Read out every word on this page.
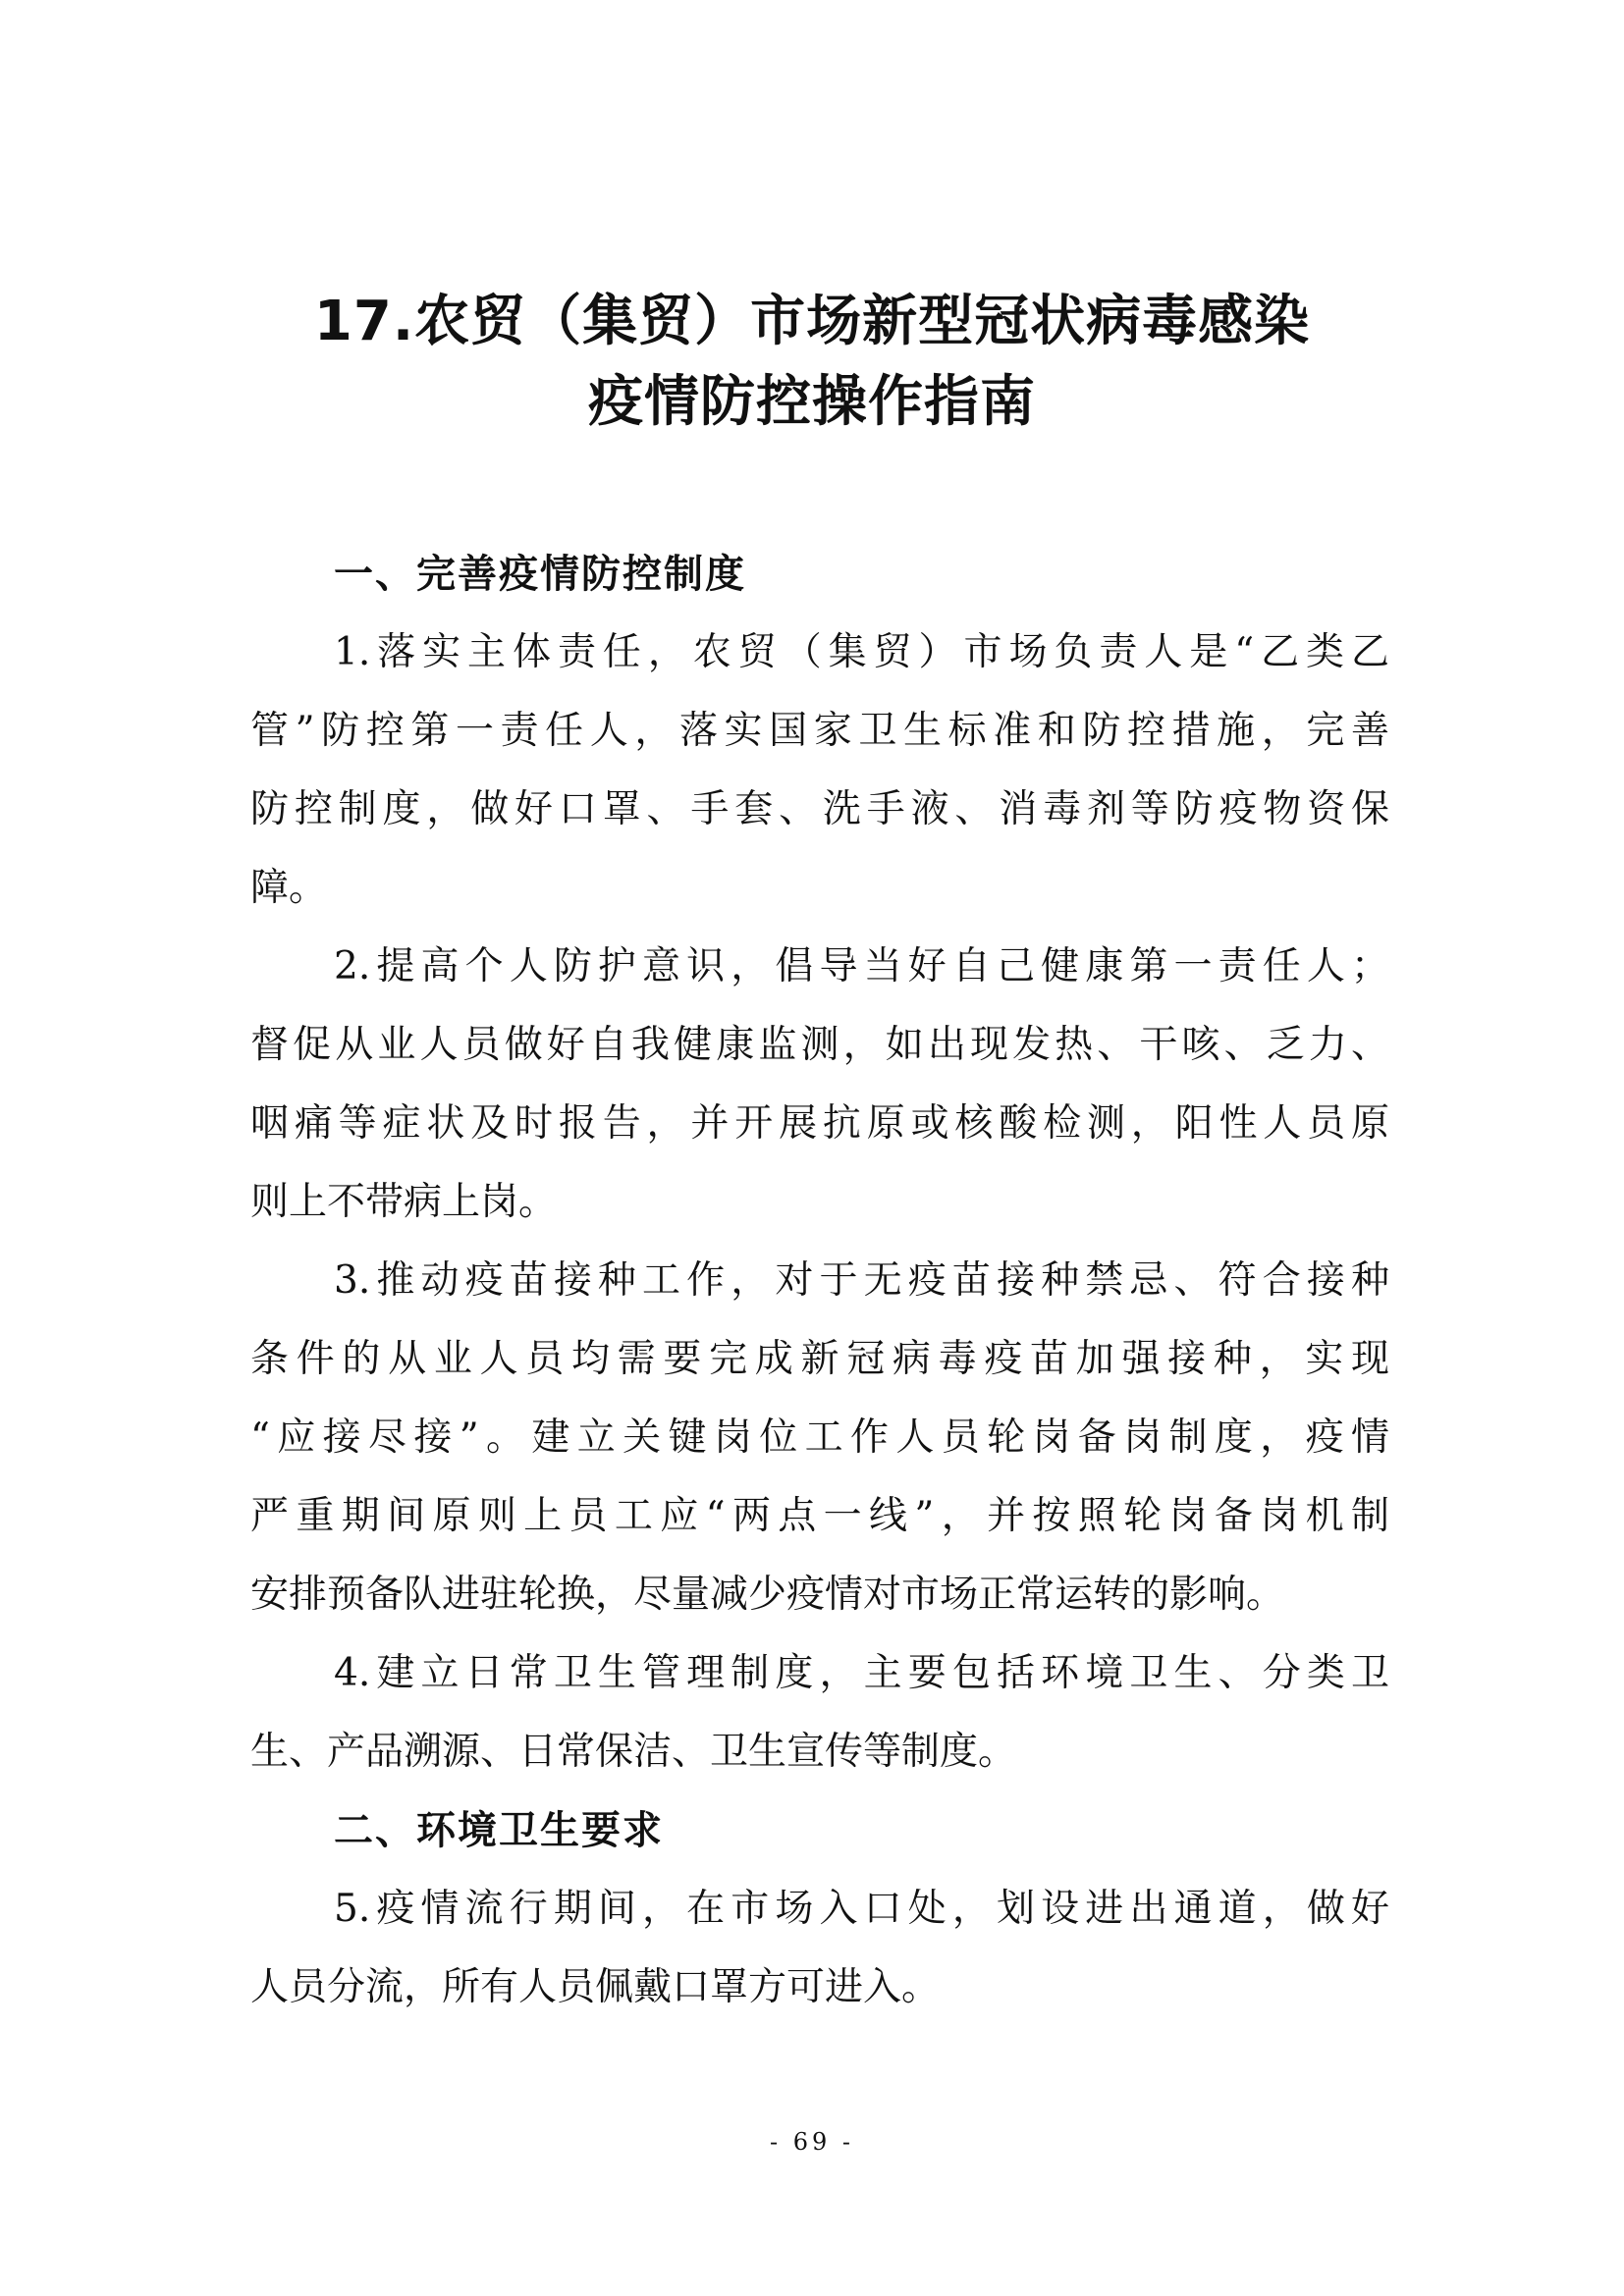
17.农贸（集贸）市场新型冠状病毒感染
疫情防控操作指南
一、完善疫情防控制度
1.落实主体责任，农贸（集贸）市场负责人是“乙类乙
管”防控第一责任人，落实国家卫生标准和防控措施，完善
防控制度，做好口罩、手套、洗手液、消毒剂等防疫物资保
障。
2.提高个人防护意识，倡导当好自己健康第一责任人；
督促从业人员做好自我健康监测，如出现发热、干咳、乏力、
咽痛等症状及时报告，并开展抗原或核酸检测，阳性人员原
则上不带病上岗。
3.推动疫苗接种工作，对于无疫苗接种禁忌、符合接种
条件的从业人员均需要完成新冠病毒疫苗加强接种，实现
“应接尽接”。建立关键岗位工作人员轮岗备岗制度，疫情
严重期间原则上员工应“两点一线”，并按照轮岗备岗机制
安排预备队进驻轮换，尽量减少疫情对市场正常运转的影响。
4.建立日常卫生管理制度，主要包括环境卫生、分类卫
生、产品溯源、日常保洁、卫生宣传等制度。
二、环境卫生要求
5.疫情流行期间，在市场入口处，划设进出通道，做好
人员分流，所有人员佩戴口罩方可进入。
- 69 -
